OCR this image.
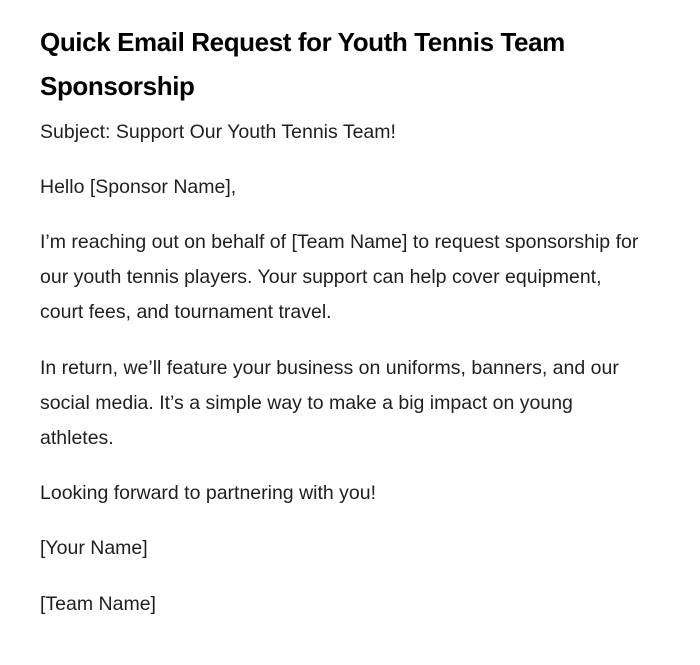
Quick Email Request for Youth Tennis Team Sponsorship

Subject: Support Our Youth Tennis Team!

Hello [Sponsor Name],

I’m reaching out on behalf of [Team Name] to request sponsorship for our youth tennis players. Your support can help cover equipment, court fees, and tournament travel.

In return, we’ll feature your business on uniforms, banners, and our social media. It’s a simple way to make a big impact on young athletes.

Looking forward to partnering with you!

[Your Name]

[Team Name]
